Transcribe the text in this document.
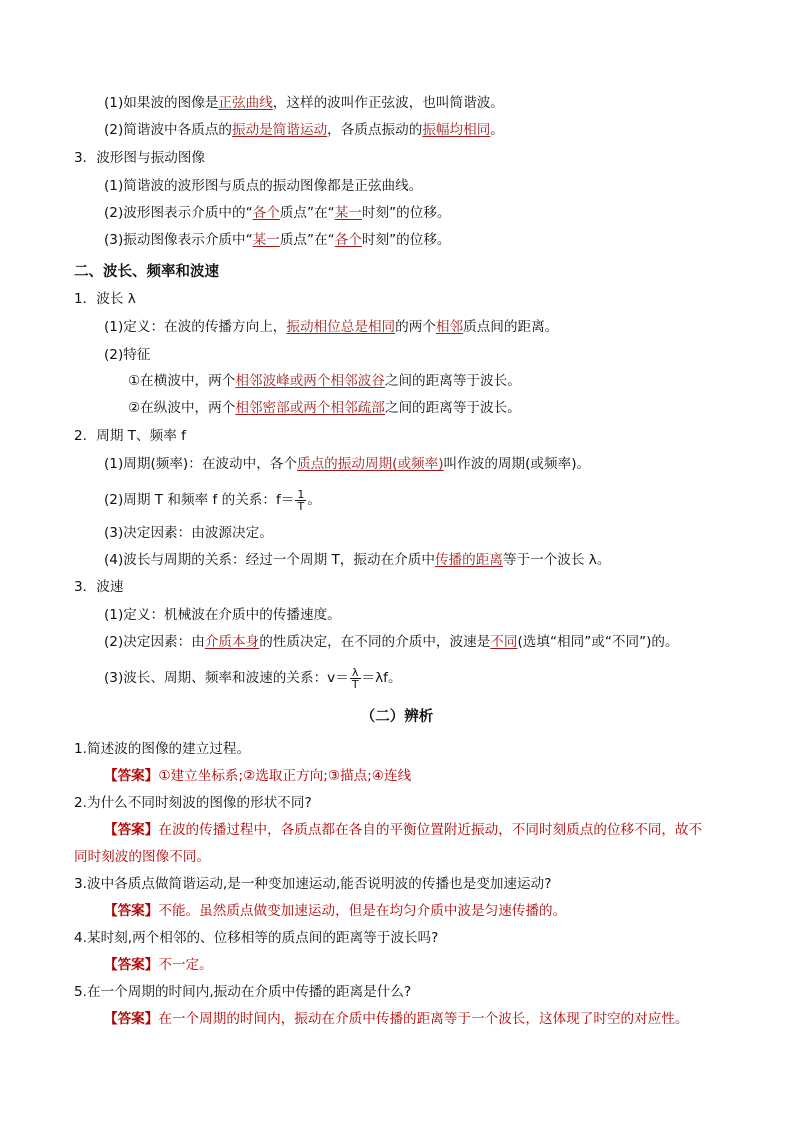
(1)如果波的图像是正弦曲线，这样的波叫作正弦波，也叫简谐波。
(2)简谐波中各质点的振动是简谐运动，各质点振动的振幅均相同。
3．波形图与振动图像
(1)简谐波的波形图与质点的振动图像都是正弦曲线。
(2)波形图表示介质中的“各个质点”在“某一时刻”的位移。
(3)振动图像表示介质中“某一质点”在“各个时刻”的位移。
二、波长、频率和波速
1．波长 λ
(1)定义：在波的传播方向上，振动相位总是相同的两个相邻质点间的距离。
(2)特征
①在横波中，两个相邻波峰或两个相邻波谷之间的距离等于波长。
②在纵波中，两个相邻密部或两个相邻疏部之间的距离等于波长。
2．周期 T、频率 f
(1)周期(频率)：在波动中，各个质点的振动周期(或频率)叫作波的周期(或频率)。
(2)周期 T 和频率 f 的关系：$f= \frac{1}{T}$ 。
(3)决定因素：由波源决定。
(4)波长与周期的关系：经过一个周期 T，振动在介质中传播的距离等于一个波长 λ。
3．波速
(1)定义：机械波在介质中的传播速度。
(2)决定因素：由介质本身的性质决定，在不同的介质中，波速是不同(选填“相同”或“不同”)的。
(3)波长、周期、频率和波速的关系：$v= \frac{\lambda}{T} =\lambda f$。
（二）辨析
1.简述波的图像的建立过程。
【答案】①建立坐标系;②选取正方向;③描点;④连线
2.为什么不同时刻波的图像的形状不同?
【答案】在波的传播过程中，各质点都在各自的平衡位置附近振动，不同时刻质点的位移不同，故不
同时刻波的图像不同。
3.波中各质点做简谐运动,是一种变加速运动,能否说明波的传播也是变加速运动?
【答案】不能。虽然质点做变加速运动，但是在均匀介质中波是匀速传播的。
4.某时刻,两个相邻的、位移相等的质点间的距离等于波长吗?
【答案】不一定。
5.在一个周期的时间内,振动在介质中传播的距离是什么?
【答案】在一个周期的时间内，振动在介质中传播的距离等于一个波长，这体现了时空的对应性。
